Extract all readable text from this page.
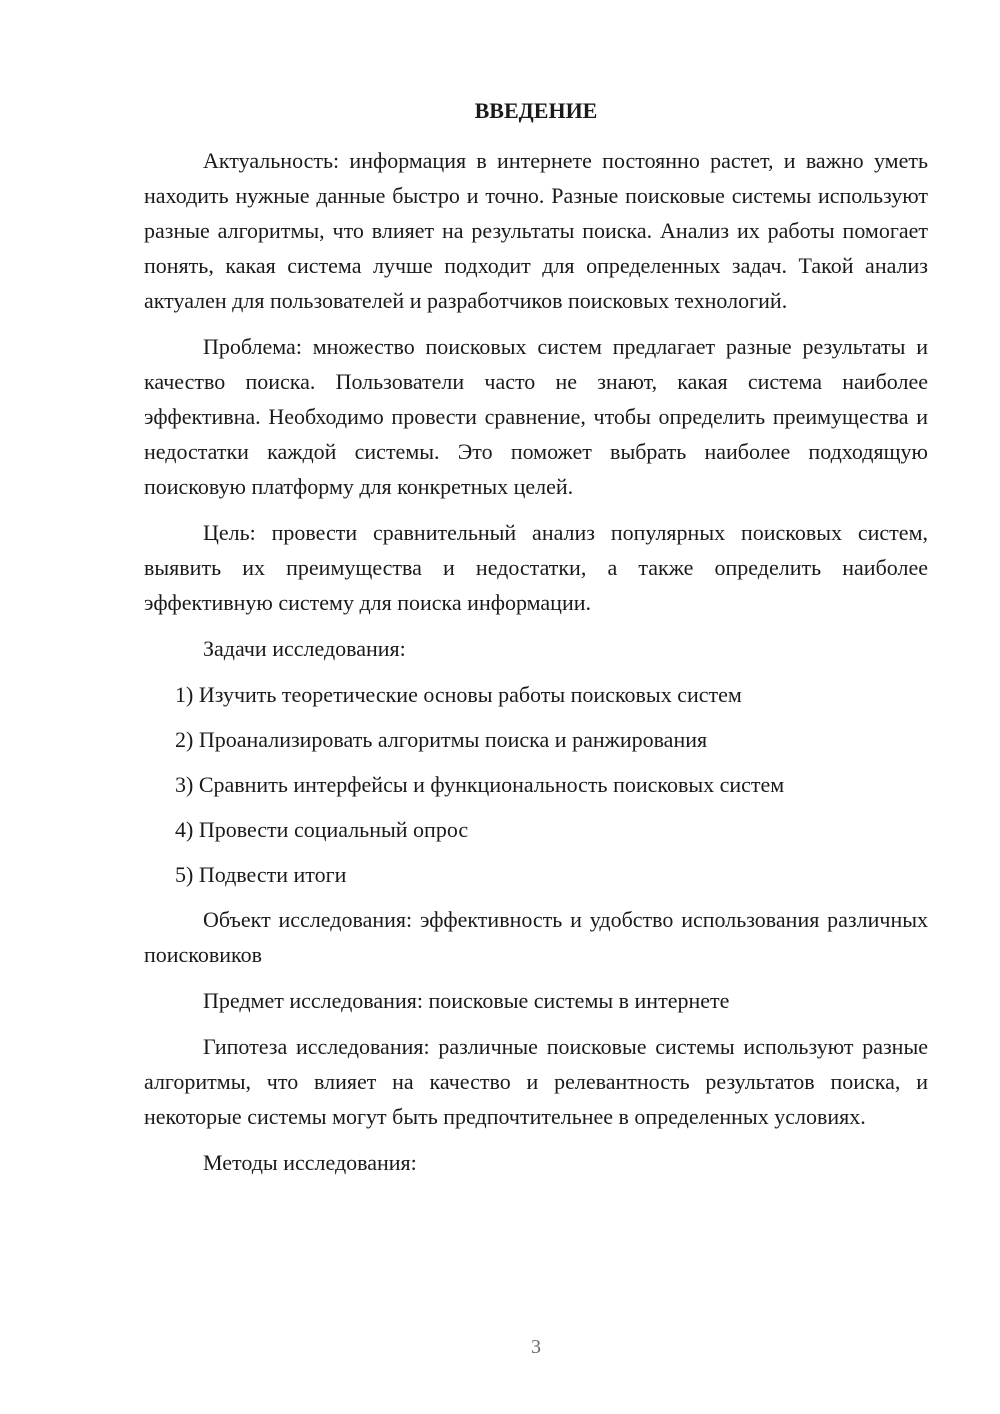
ВВЕДЕНИЕ

Актуальность: информация в интернете постоянно растет, и важно уметь находить нужные данные быстро и точно. Разные поисковые системы используют разные алгоритмы, что влияет на результаты поиска. Анализ их работы помогает понять, какая система лучше подходит для определенных задач. Такой анализ актуален для пользователей и разработчиков поисковых технологий.

Проблема: множество поисковых систем предлагает разные результаты и качество поиска. Пользователи часто не знают, какая система наиболее эффективна. Необходимо провести сравнение, чтобы определить преимущества и недостатки каждой системы. Это поможет выбрать наиболее подходящую поисковую платформу для конкретных целей.

Цель: провести сравнительный анализ популярных поисковых систем, выявить их преимущества и недостатки, а также определить наиболее эффективную систему для поиска информации.

Задачи исследования:

1) Изучить теоретические основы работы поисковых систем

2) Проанализировать алгоритмы поиска и ранжирования

3) Сравнить интерфейсы и функциональность поисковых систем

4) Провести социальный опрос

5) Подвести итоги

Объект исследования: эффективность и удобство использования различных поисковиков

Предмет исследования: поисковые системы в интернете

Гипотеза исследования: различные поисковые системы используют разные алгоритмы, что влияет на качество и релевантность результатов поиска, и некоторые системы могут быть предпочтительнее в определенных условиях.

Методы исследования:

3
